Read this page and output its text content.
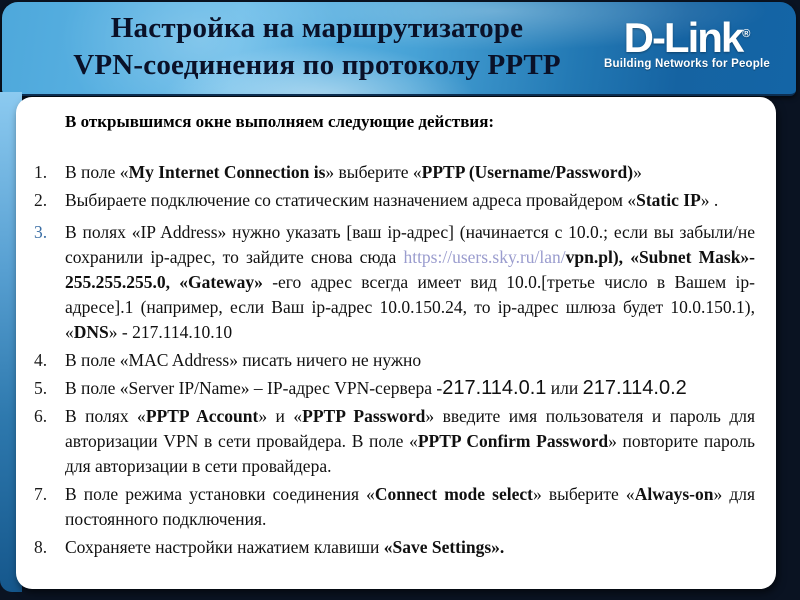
Настройка на маршрутизаторе
VPN-соединения по протоколу PPTP
D-Link®
Building Networks for People
В открывшимся окне выполняем следующие действия:
1.	В поле «My Internet Connection is» выберите «PPTP (Username/Password)»
2.	Выбираете подключение со статическим назначением адреса провайдером «Static IP» .
3.	В полях «IP Address» нужно указать [ваш ip-адрес] (начинается с 10.0.; если вы забыли/не сохранили ip-адрес, то зайдите снова сюда https://users.sky.ru/lan/vpn.pl), «Subnet Mask»- 255.255.255.0, «Gateway» -его адрес всегда имеет вид 10.0.[третье число в Вашем ip-адресе].1 (например, если Ваш ip-адрес 10.0.150.24, то ip-адрес шлюза будет 10.0.150.1), «DNS» - 217.114.10.10
4.	В поле «MAC Address» писать ничего не нужно
5.	В поле «Server IP/Name» – IP-адрес VPN-сервера -217.114.0.1 или 217.114.0.2
6.	В полях «PPTP Account» и «PPTP Password» введите имя пользователя и пароль для авторизации VPN в сети провайдера. В поле «PPTP Confirm Password» повторите пароль для авторизации в сети провайдера.
7.	В поле режима установки соединения «Connect mode select» выберите «Always-on» для постоянного подключения.
8.	Сохраняете настройки нажатием клавиши «Save Settings».
